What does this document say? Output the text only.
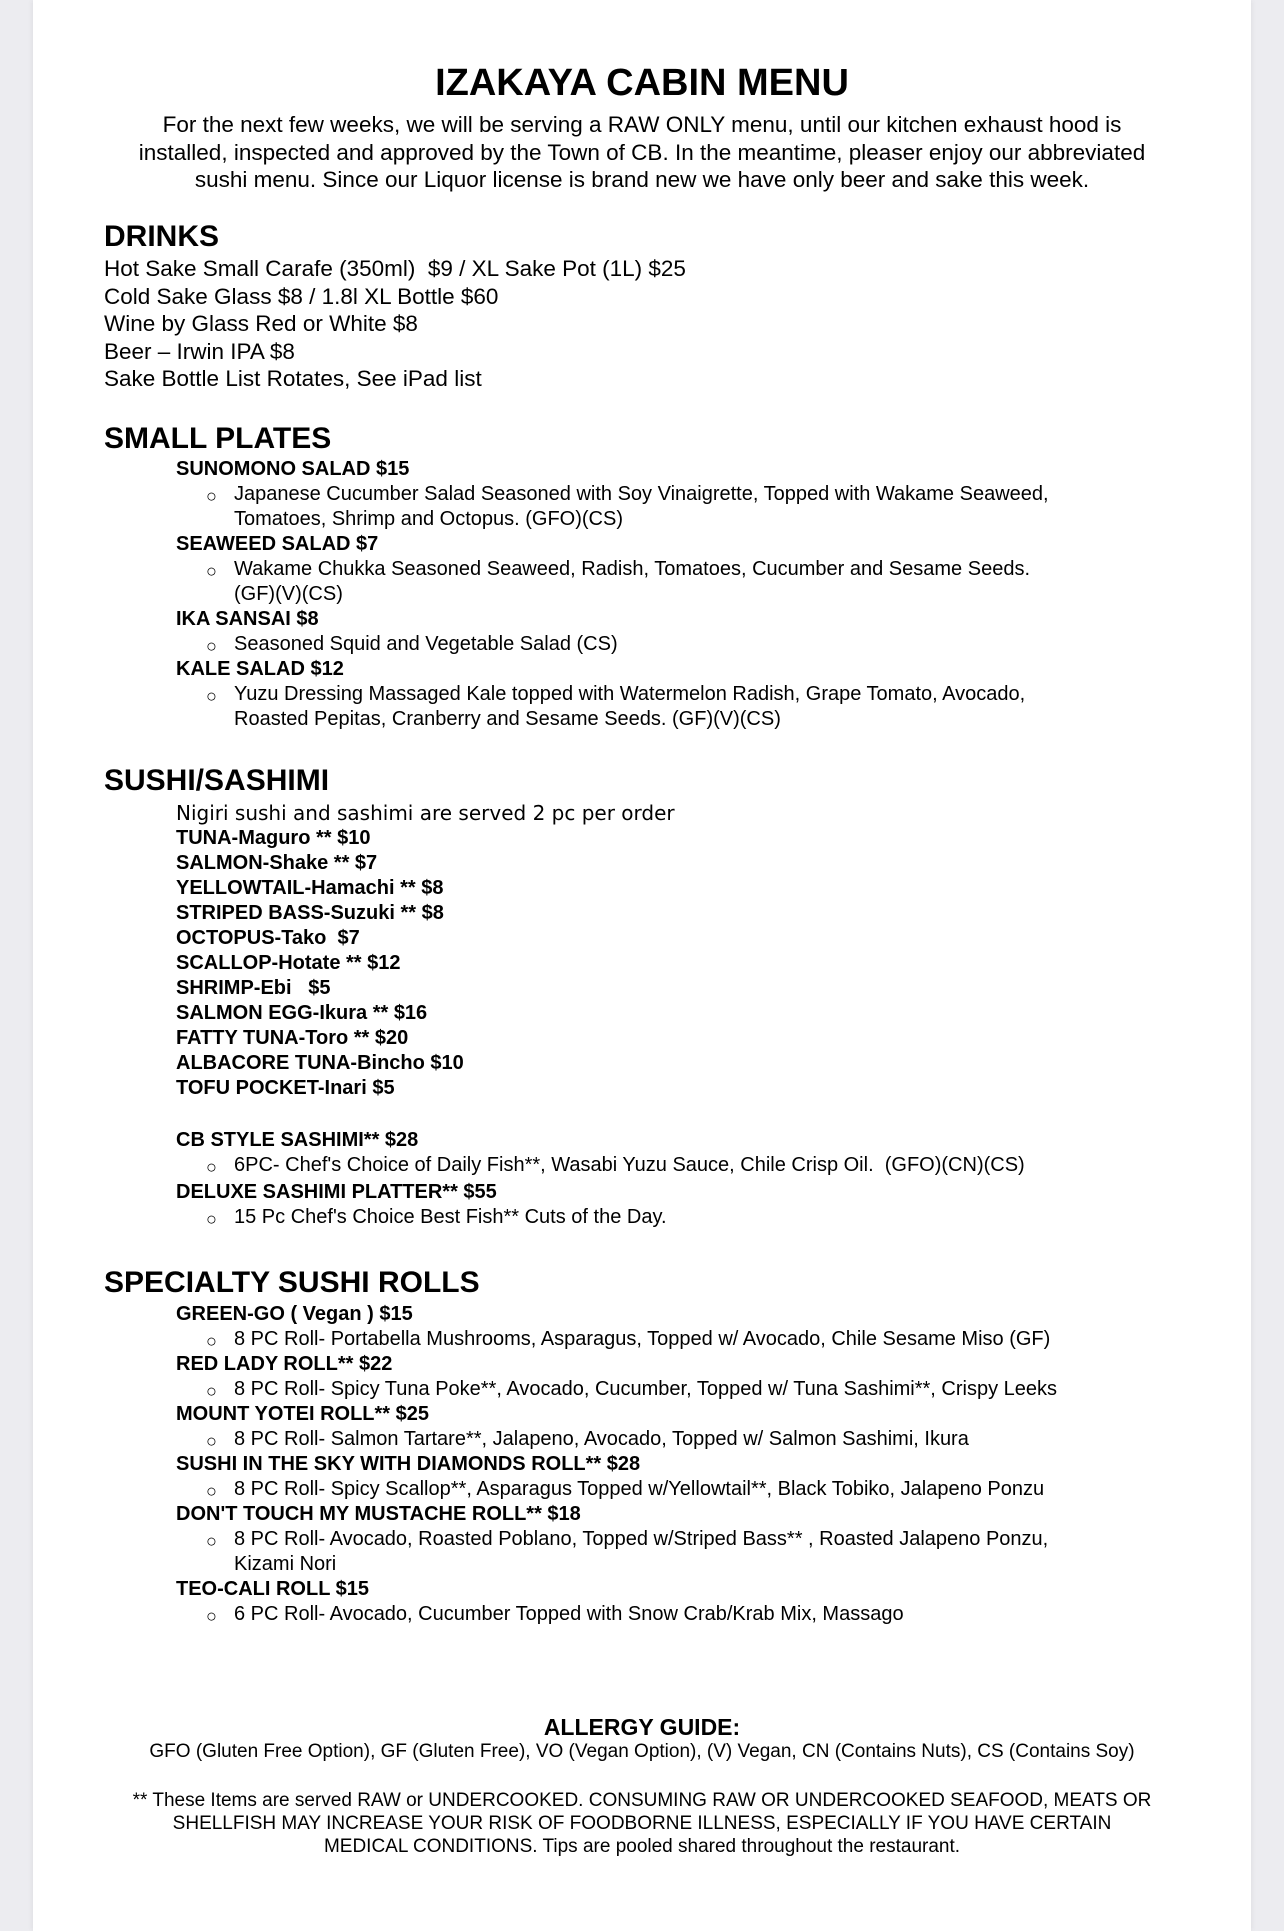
IZAKAYA CABIN MENU
For the next few weeks, we will be serving a RAW ONLY menu, until our kitchen exhaust hood is
installed, inspected and approved by the Town of CB. In the meantime, pleaser enjoy our abbreviated
sushi menu. Since our Liquor license is brand new we have only beer and sake this week.
DRINKS
Hot Sake Small Carafe (350ml)  $9 / XL Sake Pot (1L) $25
Cold Sake Glass $8 / 1.8l XL Bottle $60
Wine by Glass Red or White $8
Beer – Irwin IPA $8
Sake Bottle List Rotates, See iPad list
SMALL PLATES
SUNOMONO SALAD $15
○ Japanese Cucumber Salad Seasoned with Soy Vinaigrette, Topped with Wakame Seaweed,
Tomatoes, Shrimp and Octopus. (GFO)(CS)
SEAWEED SALAD $7
○ Wakame Chukka Seasoned Seaweed, Radish, Tomatoes, Cucumber and Sesame Seeds.
(GF)(V)(CS)
IKA SANSAI $8
○ Seasoned Squid and Vegetable Salad (CS)
KALE SALAD $12
○ Yuzu Dressing Massaged Kale topped with Watermelon Radish, Grape Tomato, Avocado,
Roasted Pepitas, Cranberry and Sesame Seeds. (GF)(V)(CS)
SUSHI/SASHIMI
Nigiri sushi and sashimi are served 2 pc per order
TUNA-Maguro ** $10
SALMON-Shake ** $7
YELLOWTAIL-Hamachi ** $8
STRIPED BASS-Suzuki ** $8
OCTOPUS-Tako  $7
SCALLOP-Hotate ** $12
SHRIMP-Ebi   $5
SALMON EGG-Ikura ** $16
FATTY TUNA-Toro ** $20
ALBACORE TUNA-Bincho $10
TOFU POCKET-Inari $5
CB STYLE SASHIMI** $28
○ 6PC- Chef's Choice of Daily Fish**, Wasabi Yuzu Sauce, Chile Crisp Oil.  (GFO)(CN)(CS)
DELUXE SASHIMI PLATTER** $55
○ 15 Pc Chef's Choice Best Fish** Cuts of the Day.
SPECIALTY SUSHI ROLLS
GREEN-GO ( Vegan ) $15
○ 8 PC Roll- Portabella Mushrooms, Asparagus, Topped w/ Avocado, Chile Sesame Miso (GF)
RED LADY ROLL** $22
○ 8 PC Roll- Spicy Tuna Poke**, Avocado, Cucumber, Topped w/ Tuna Sashimi**, Crispy Leeks
MOUNT YOTEI ROLL** $25
○ 8 PC Roll- Salmon Tartare**, Jalapeno, Avocado, Topped w/ Salmon Sashimi, Ikura
SUSHI IN THE SKY WITH DIAMONDS ROLL** $28
○ 8 PC Roll- Spicy Scallop**, Asparagus Topped w/Yellowtail**, Black Tobiko, Jalapeno Ponzu
DON'T TOUCH MY MUSTACHE ROLL** $18
○ 8 PC Roll- Avocado, Roasted Poblano, Topped w/Striped Bass** , Roasted Jalapeno Ponzu,
Kizami Nori
TEO-CALI ROLL $15
○ 6 PC Roll- Avocado, Cucumber Topped with Snow Crab/Krab Mix, Massago
ALLERGY GUIDE:
GFO (Gluten Free Option), GF (Gluten Free), VO (Vegan Option), (V) Vegan, CN (Contains Nuts), CS (Contains Soy)
** These Items are served RAW or UNDERCOOKED. CONSUMING RAW OR UNDERCOOKED SEAFOOD, MEATS OR
SHELLFISH MAY INCREASE YOUR RISK OF FOODBORNE ILLNESS, ESPECIALLY IF YOU HAVE CERTAIN
MEDICAL CONDITIONS. Tips are pooled shared throughout the restaurant.
